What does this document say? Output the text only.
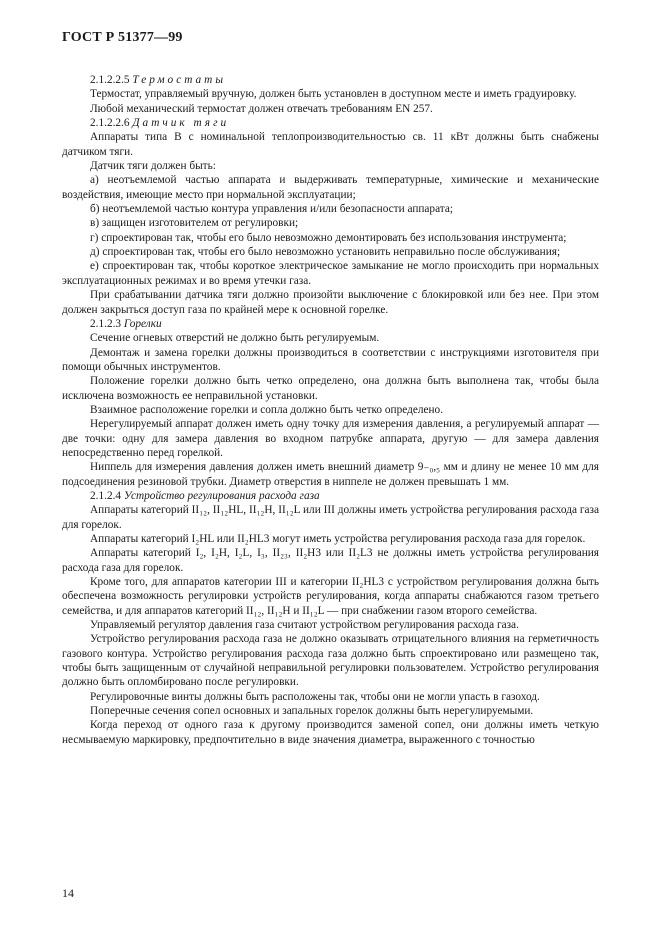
ГОСТ Р 51377—99

2.1.2.2.5 Термостаты

Термостат, управляемый вручную, должен быть установлен в доступном месте и иметь градуировку.

Любой механический термостат должен отвечать требованиям EN 257.

2.1.2.2.6 Датчик тяги

Аппараты типа В с номинальной теплопроизводительностью св. 11 кВт должны быть снабжены датчиком тяги.

Датчик тяги должен быть:

а) неотъемлемой частью аппарата и выдерживать температурные, химические и механические воздействия, имеющие место при нормальной эксплуатации;

б) неотъемлемой частью контура управления и/или безопасности аппарата;

в) защищен изготовителем от регулировки;

г) спроектирован так, чтобы его было невозможно демонтировать без использования инструмента;

д) спроектирован так, чтобы его было невозможно установить неправильно после обслуживания;

е) спроектирован так, чтобы короткое электрическое замыкание не могло происходить при нормальных эксплуатационных режимах и во время утечки газа.

При срабатывании датчика тяги должно произойти выключение с блокировкой или без нее. При этом должен закрыться доступ газа по крайней мере к основной горелке.

2.1.2.3 Горелки

Сечение огневых отверстий не должно быть регулируемым.

Демонтаж и замена горелки должны производиться в соответствии с инструкциями изготовителя при помощи обычных инструментов.

Положение горелки должно быть четко определено, она должна быть выполнена так, чтобы была исключена возможность ее неправильной установки.

Взаимное расположение горелки и сопла должно быть четко определено.

Нерегулируемый аппарат должен иметь одну точку для измерения давления, а регулируемый аппарат — две точки: одну для замера давления во входном патрубке аппарата, другую — для замера давления непосредственно перед горелкой.

Ниппель для измерения давления должен иметь внешний диаметр 9₋₀,₅ мм и длину не менее 10 мм для подсоединения резиновой трубки. Диаметр отверстия в ниппеле не должен превышать 1 мм.

2.1.2.4 Устройство регулирования расхода газа

Аппараты категорий II₁₂, II₁₂HL, II₁₂H, II₁₂L или III должны иметь устройства регулирования расхода газа для горелок.

Аппараты категорий I₂HL или II₂HL3 могут иметь устройства регулирования расхода газа для горелок.

Аппараты категорий I₂, I₂H, I₂L, I₃, II₂₃, II₂H3 или II₂L3 не должны иметь устройства регулирования расхода газа для горелок.

Кроме того, для аппаратов категории III и категории II₂HL3 с устройством регулирования должна быть обеспечена возможность регулировки устройств регулирования, когда аппараты снабжаются газом третьего семейства, и для аппаратов категорий II₁₂, II₁₂H и II₁₂L — при снабжении газом второго семейства.

Управляемый регулятор давления газа считают устройством регулирования расхода газа.

Устройство регулирования расхода газа не должно оказывать отрицательного влияния на герметичность газового контура. Устройство регулирования расхода газа должно быть спроектировано или размещено так, чтобы быть защищенным от случайной неправильной регулировки пользователем. Устройство регулирования должно быть опломбировано после регулировки.

Регулировочные винты должны быть расположены так, чтобы они не могли упасть в газоход.

Поперечные сечения сопел основных и запальных горелок должны быть нерегулируемыми.

Когда переход от одного газа к другому производится заменой сопел, они должны иметь четкую несмываемую маркировку, предпочтительно в виде значения диаметра, выраженного с точностью

14
